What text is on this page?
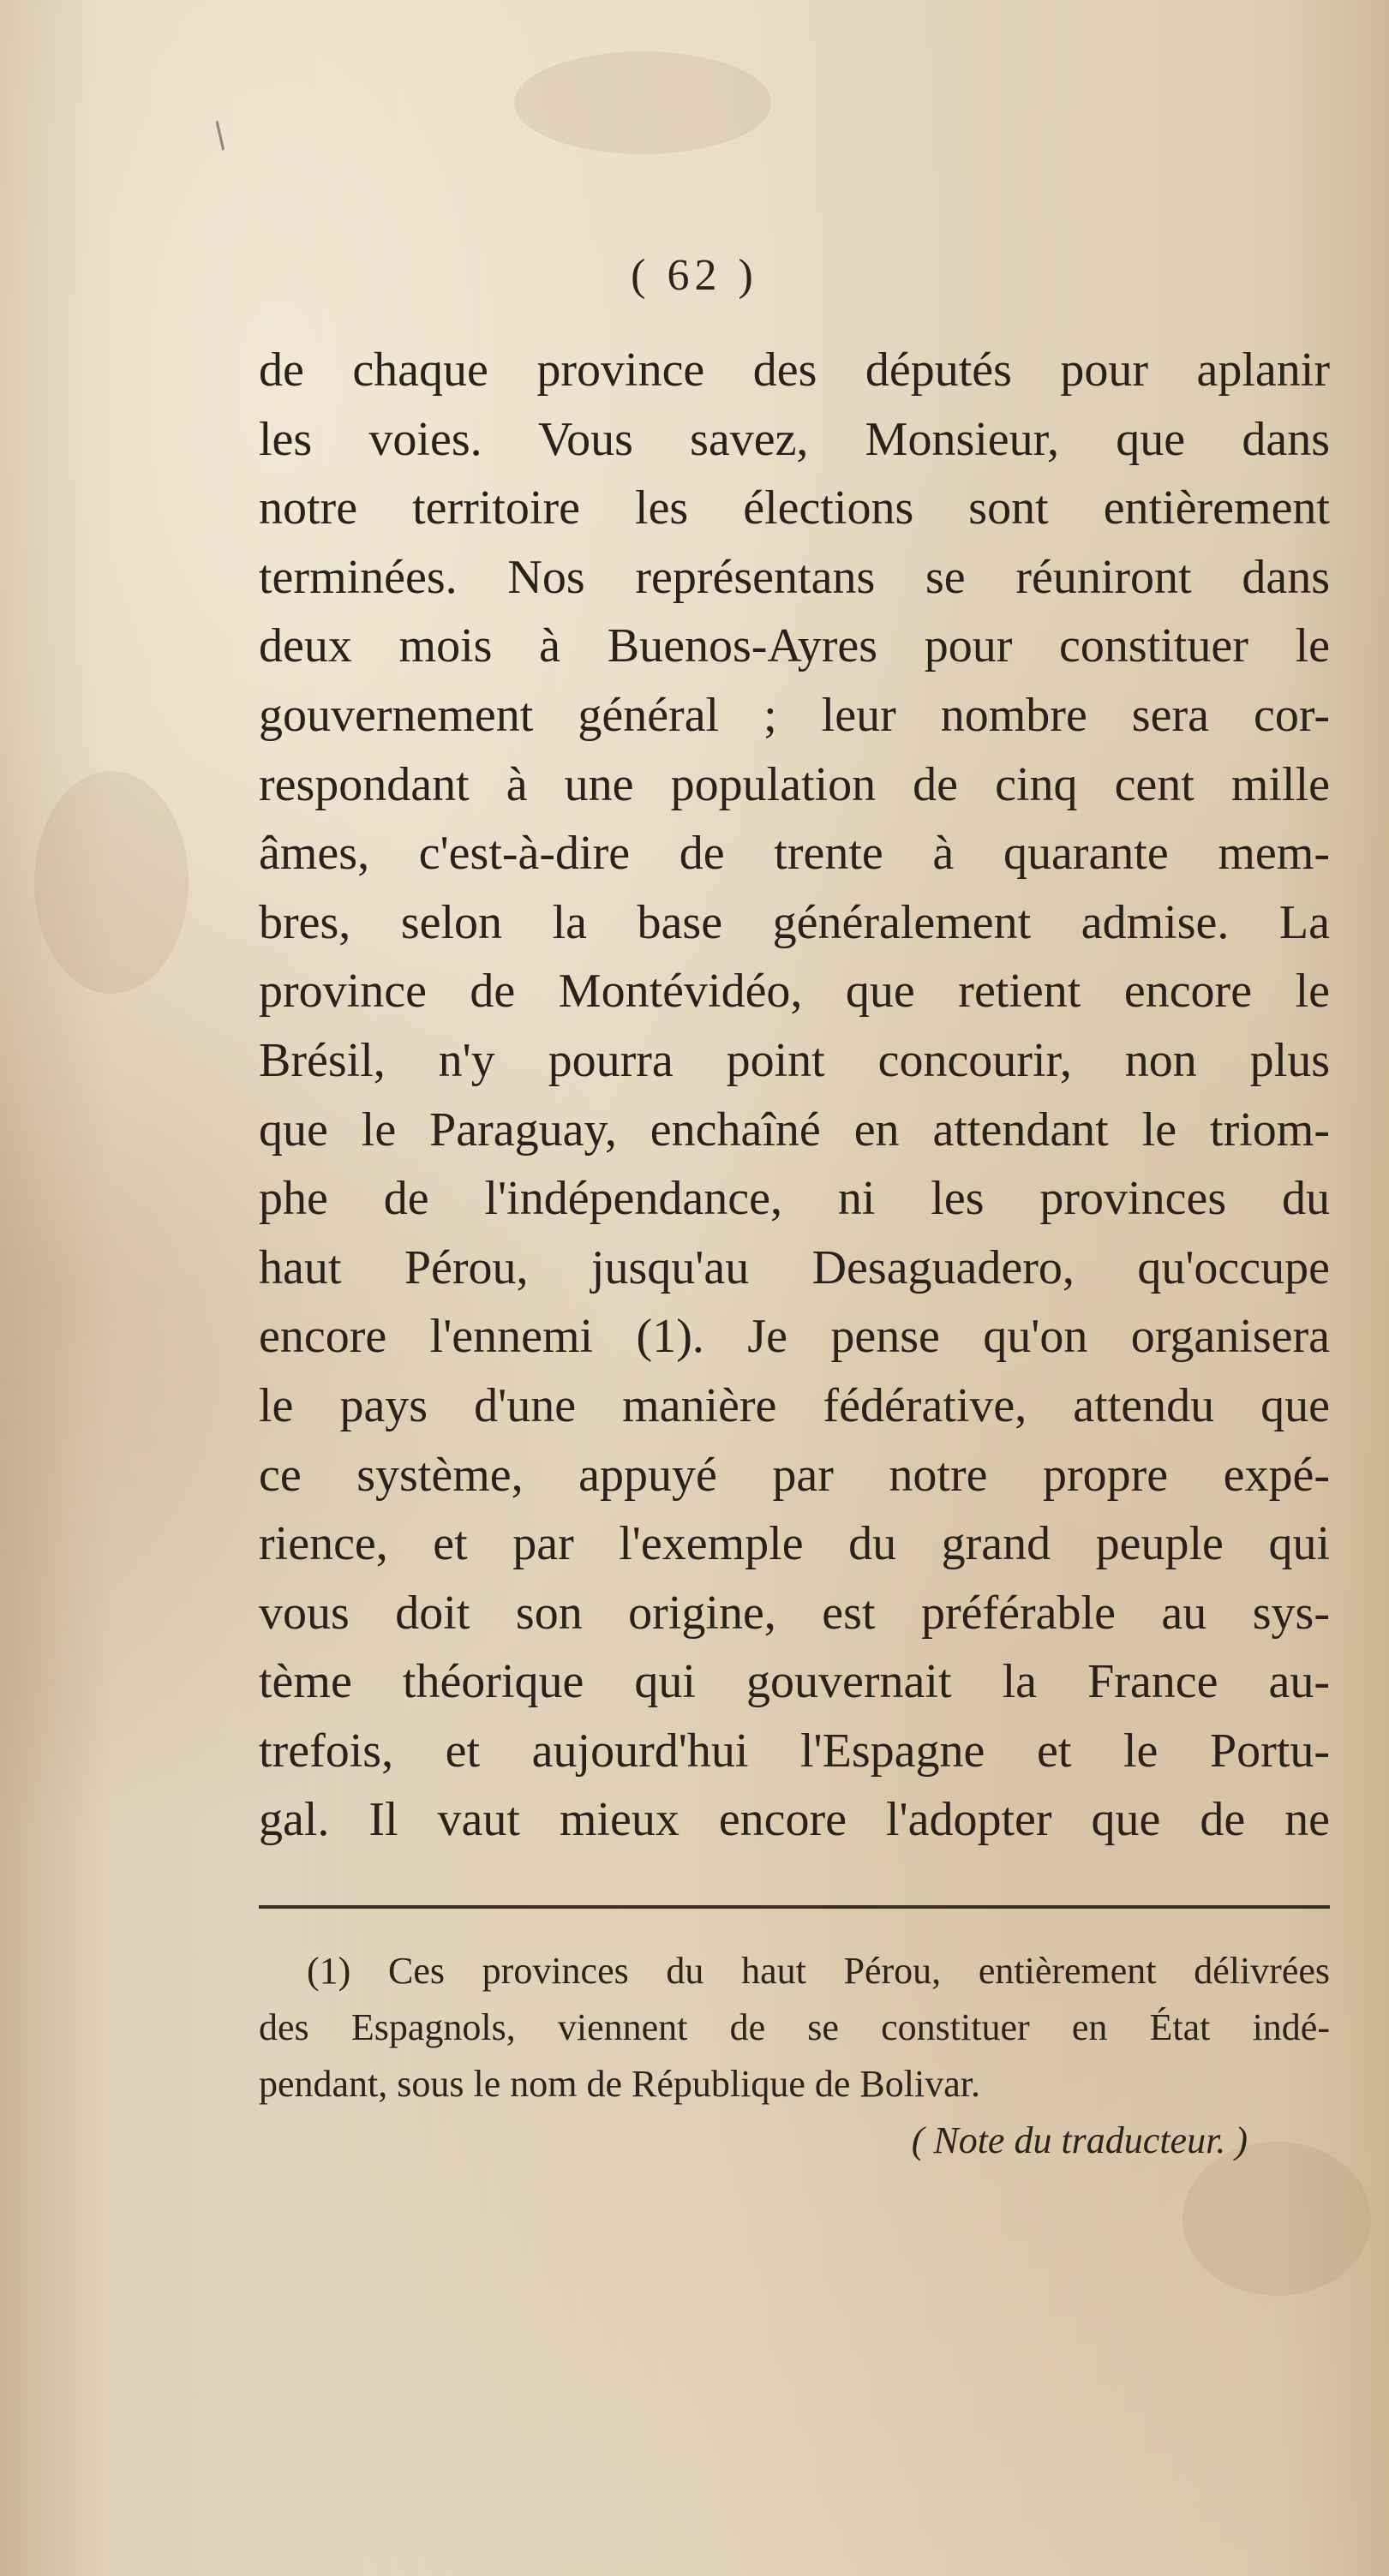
/
( 62 )
de chaque province des députés pour aplanir
les voies. Vous savez, Monsieur, que dans
notre territoire les élections sont entièrement
terminées. Nos représentans se réuniront dans
deux mois à Buenos-Ayres pour constituer le
gouvernement général ; leur nombre sera cor-
respondant à une population de cinq cent mille
âmes, c'est-à-dire de trente à quarante mem-
bres, selon la base généralement admise. La
province de Montévidéo, que retient encore le
Brésil, n'y pourra point concourir, non plus
que le Paraguay, enchaîné en attendant le triom-
phe de l'indépendance, ni les provinces du
haut Pérou, jusqu'au Desaguadero, qu'occupe
encore l'ennemi (1). Je pense qu'on organisera
le pays d'une manière fédérative, attendu que
ce système, appuyé par notre propre expé-
rience, et par l'exemple du grand peuple qui
vous doit son origine, est préférable au sys-
tème théorique qui gouvernait la France au-
trefois, et aujourd'hui l'Espagne et le Portu-
gal. Il vaut mieux encore l'adopter que de ne
(1) Ces provinces du haut Pérou, entièrement délivrées
des Espagnols, viennent de se constituer en État indé-
pendant, sous le nom de République de Bolivar.
( Note du traducteur. )
